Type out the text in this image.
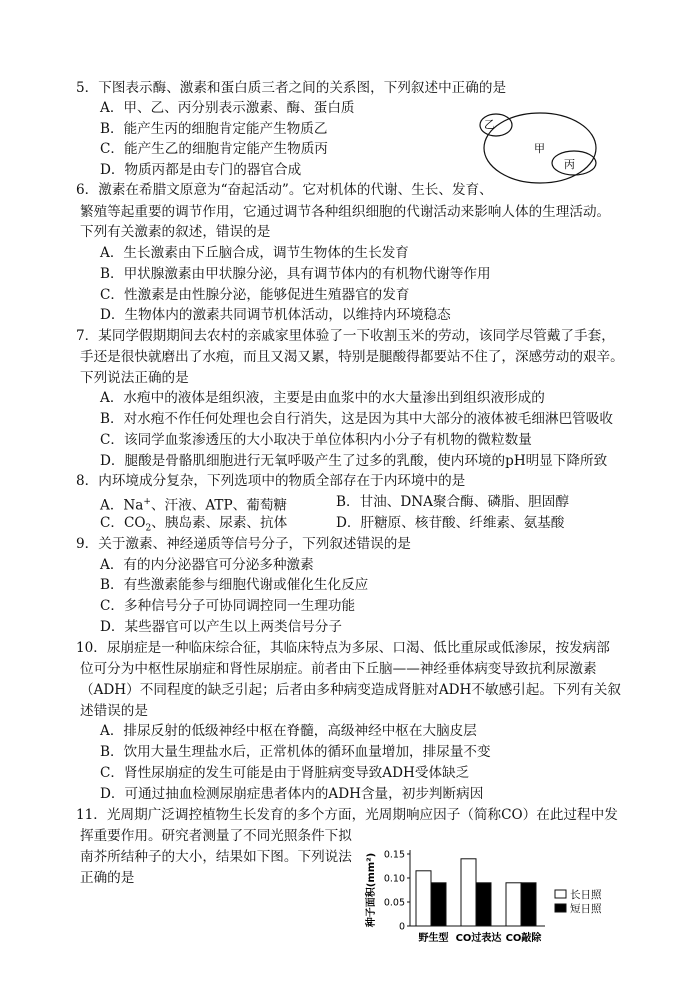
5．下图表示酶、激素和蛋白质三者之间的关系图，下列叙述中正确的是
A．甲、乙、丙分别表示激素、酶、蛋白质
B．能产生丙的细胞肯定能产生物质乙
C．能产生乙的细胞肯定能产生物质丙
D．物质丙都是由专门的器官合成
甲
乙
丙
6．激素在希腊文原意为“奋起活动”。它对机体的代谢、生长、发育、
繁殖等起重要的调节作用，它通过调节各种组织细胞的代谢活动来影响人体的生理活动。
下列有关激素的叙述，错误的是
A．生长激素由下丘脑合成，调节生物体的生长发育
B．甲状腺激素由甲状腺分泌，具有调节体内的有机物代谢等作用
C．性激素是由性腺分泌，能够促进生殖器官的发育
D．生物体内的激素共同调节机体活动，以维持内环境稳态
7．某同学假期期间去农村的亲戚家里体验了一下收割玉米的劳动，该同学尽管戴了手套，
手还是很快就磨出了水疱，而且又渴又累，特别是腿酸得都要站不住了，深感劳动的艰辛。
下列说法正确的是
A．水疱中的液体是组织液，主要是由血浆中的水大量渗出到组织液形成的
B．对水疱不作任何处理也会自行消失，这是因为其中大部分的液体被毛细淋巴管吸收
C．该同学血浆渗透压的大小取决于单位体积内小分子有机物的微粒数量
D．腿酸是骨骼肌细胞进行无氧呼吸产生了过多的乳酸，使内环境的pH明显下降所致
8．内环境成分复杂，下列选项中的物质全部存在于内环境中的是
A．Na+、汗液、ATP、葡萄糖	B．甘油、DNA聚合酶、磷脂、胆固醇
C．$CO_2$、胰岛素、尿素、抗体	D．肝糖原、核苷酸、纤维素、氨基酸
9．关于激素、神经递质等信号分子，下列叙述错误的是
A．有的内分泌器官可分泌多种激素
B．有些激素能参与细胞代谢或催化生化反应
C．多种信号分子可协同调控同一生理功能
D．某些器官可以产生以上两类信号分子
10．尿崩症是一种临床综合征，其临床特点为多尿、口渴、低比重尿或低渗尿，按发病部
位可分为中枢性尿崩症和肾性尿崩症。前者由下丘脑——神经垂体病变导致抗利尿激素
（ADH）不同程度的缺乏引起；后者由多种病变造成肾脏对ADH不敏感引起。下列有关叙
述错误的是
A．排尿反射的低级神经中枢在脊髓，高级神经中枢在大脑皮层
B．饮用大量生理盐水后，正常机体的循环血量增加，排尿量不变
C．肾性尿崩症的发生可能是由于肾脏病变导致ADH受体缺乏
D．可通过抽血检测尿崩症患者体内的ADH含量，初步判断病因
11．光周期广泛调控植物生长发育的多个方面，光周期响应因子（简称CO）在此过程中发
挥重要作用。研究者测量了不同光照条件下拟
南芥所结种子的大小，结果如下图。下列说法
正确的是	种子面积(mm²) 0.15
0.10
0.05
0
野生型 CO过表达 CO敲除
长日照
短日照
